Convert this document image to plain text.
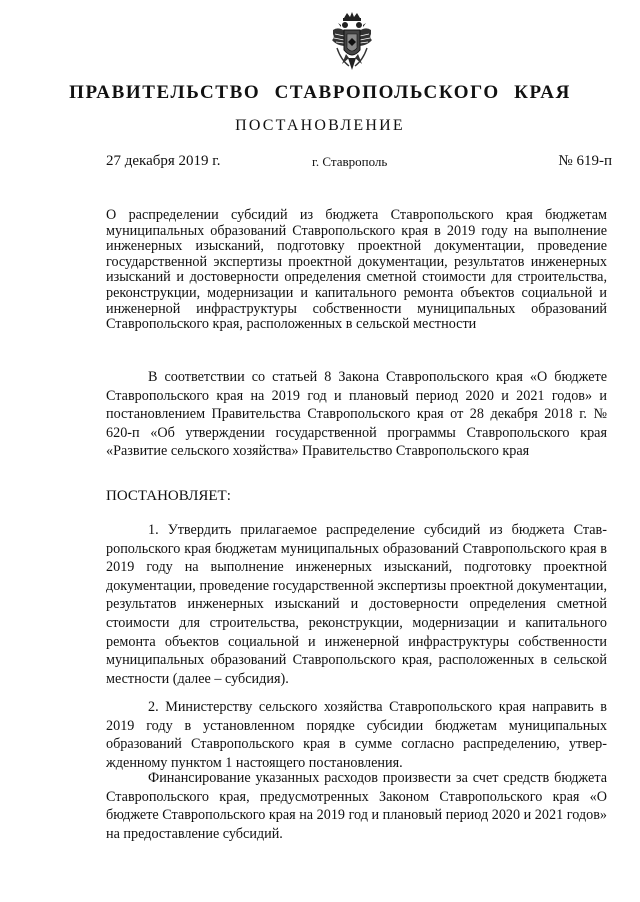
ПРАВИТЕЛЬСТВО СТАВРОПОЛЬСКОГО КРАЯ
ПОСТАНОВЛЕНИЕ
27 декабря 2019 г.	г. Ставрополь	№ 619-п
О распределении субсидий из бюджета Ставропольского края бюджетам муниципальных образований Ставропольского края в 2019 году на выполнение инженерных изысканий, подготовку проектной документации, проведение государственной экспертизы проектной документации, результатов инженерных изысканий и достоверности определения сметной стоимости для строительства, реконструкции, модернизации и капитального ремонта объектов социальной и инженерной инфраструктуры собственности муниципальных образований Ставропольского края, расположенных в сельской местности
В соответствии со статьей 8 Закона Ставропольского края «О бюджете Ставропольского края на 2019 год и плановый период 2020 и 2021 годов» и постановлением Правительства Ставропольского края от 28 декабря 2018 г. № 620-п «Об утверждении государственной программы Ставропольского края «Развитие сельского хозяйства» Правительство Ставропольского края
ПОСТАНОВЛЯЕТ:
1. Утвердить прилагаемое распределение субсидий из бюджета Ставропольского края бюджетам муниципальных образований Ставропольского края в 2019 году на выполнение инженерных изысканий, подготовку проектной документации, проведение государственной экспертизы проектной документации, результатов инженерных изысканий и достоверности определения сметной стоимости для строительства, реконструкции, модернизации и капитального ремонта объектов социальной и инженерной инфраструктуры собственности муниципальных образований Ставропольского края, расположенных в сельской местности (далее – субсидия).
2. Министерству сельского хозяйства Ставропольского края направить в 2019 году в установленном порядке субсидии бюджетам муниципальных образований Ставропольского края в сумме согласно распределению, утвержденному пунктом 1 настоящего постановления.
Финансирование указанных расходов произвести за счет средств бюджета Ставропольского края, предусмотренных Законом Ставропольского края «О бюджете Ставропольского края на 2019 год и плановый период 2020 и 2021 годов» на предоставление субсидий.
